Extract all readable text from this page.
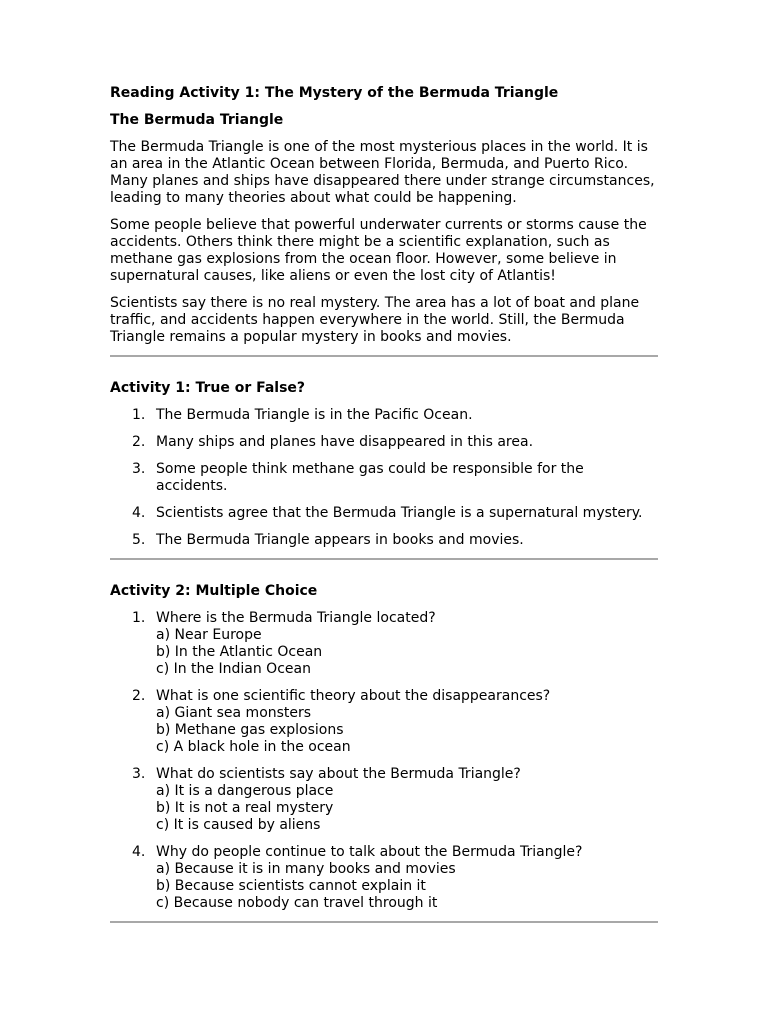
Reading Activity 1: The Mystery of the Bermuda Triangle
The Bermuda Triangle

The Bermuda Triangle is one of the most mysterious places in the world. It is an area in the Atlantic Ocean between Florida, Bermuda, and Puerto Rico. Many planes and ships have disappeared there under strange circumstances, leading to many theories about what could be happening.

Some people believe that powerful underwater currents or storms cause the accidents. Others think there might be a scientific explanation, such as methane gas explosions from the ocean floor. However, some believe in supernatural causes, like aliens or even the lost city of Atlantis!

Scientists say there is no real mystery. The area has a lot of boat and plane traffic, and accidents happen everywhere in the world. Still, the Bermuda Triangle remains a popular mystery in books and movies.

Activity 1: True or False?
1. The Bermuda Triangle is in the Pacific Ocean.
2. Many ships and planes have disappeared in this area.
3. Some people think methane gas could be responsible for the accidents.
4. Scientists agree that the Bermuda Triangle is a supernatural mystery.
5. The Bermuda Triangle appears in books and movies.
Activity 2: Multiple Choice
1. Where is the Bermuda Triangle located?
a) Near Europe
b) In the Atlantic Ocean
c) In the Indian Ocean
2. What is one scientific theory about the disappearances?
a) Giant sea monsters
b) Methane gas explosions
c) A black hole in the ocean
3. What do scientists say about the Bermuda Triangle?
a) It is a dangerous place
b) It is not a real mystery
c) It is caused by aliens
4. Why do people continue to talk about the Bermuda Triangle?
a) Because it is in many books and movies
b) Because scientists cannot explain it
c) Because nobody can travel through it
